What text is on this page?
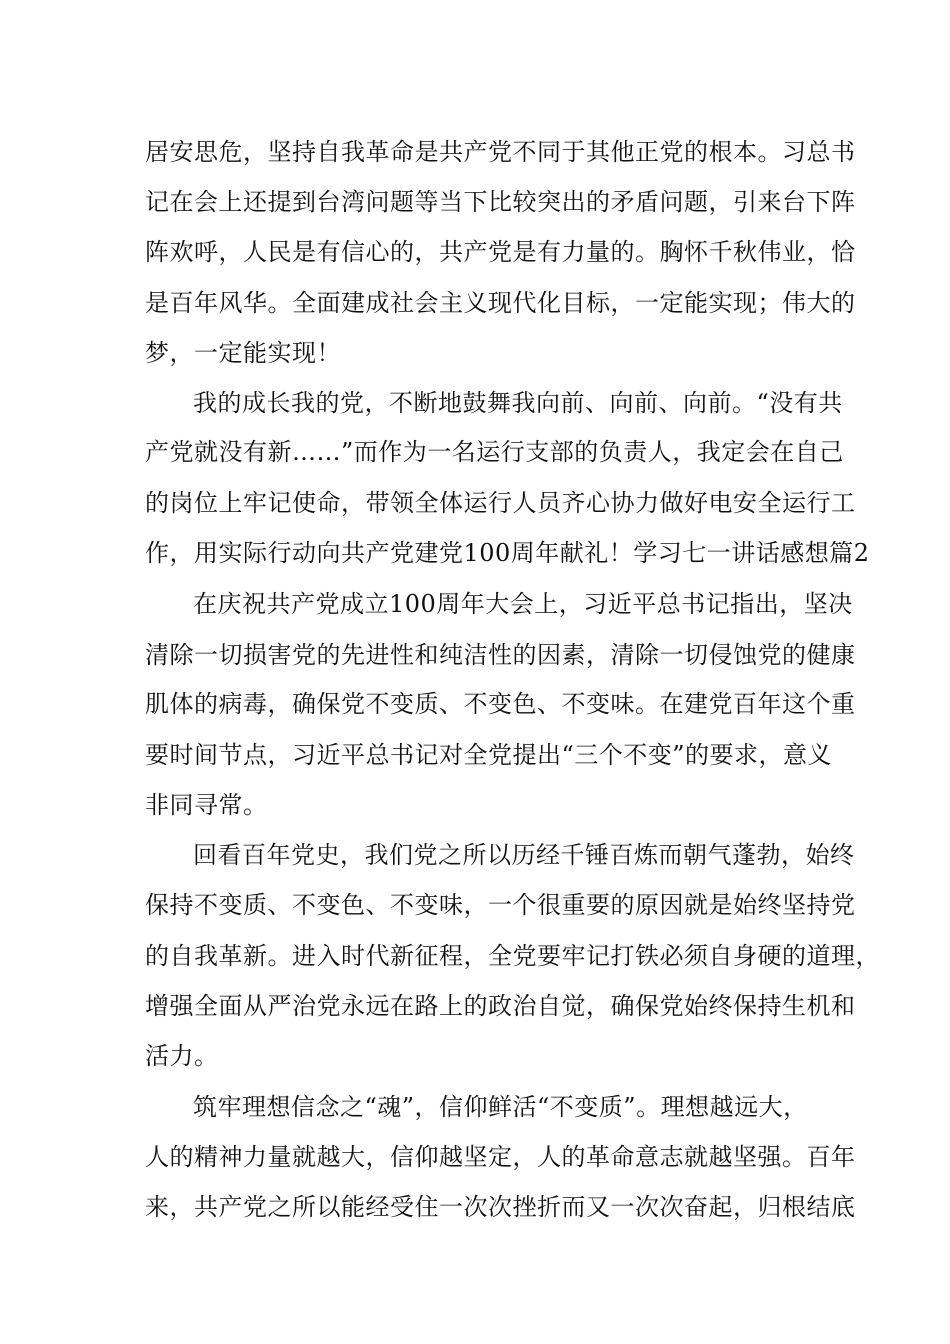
居安思危，坚持自我革命是共产党不同于其他正党的根本。习总书
记在会上还提到台湾问题等当下比较突出的矛盾问题，引来台下阵
阵欢呼，人民是有信心的，共产党是有力量的。胸怀千秋伟业，恰
是百年风华。全面建成社会主义现代化目标，一定能实现；伟大的
梦，一定能实现！
我的成长我的党，不断地鼓舞我向前、向前、向前。“没有共
产党就没有新……”而作为一名运行支部的负责人，我定会在自己
的岗位上牢记使命，带领全体运行人员齐心协力做好电安全运行工
作，用实际行动向共产党建党100周年献礼！学习七一讲话感想篇2
在庆祝共产党成立100周年大会上，习近平总书记指出，坚决
清除一切损害党的先进性和纯洁性的因素，清除一切侵蚀党的健康
肌体的病毒，确保党不变质、不变色、不变味。在建党百年这个重
要时间节点，习近平总书记对全党提出“三个不变”的要求，意义
非同寻常。
回看百年党史，我们党之所以历经千锤百炼而朝气蓬勃，始终
保持不变质、不变色、不变味，一个很重要的原因就是始终坚持党
的自我革新。进入时代新征程，全党要牢记打铁必须自身硬的道理，
增强全面从严治党永远在路上的政治自觉，确保党始终保持生机和
活力。
筑牢理想信念之“魂”，信仰鲜活“不变质”。理想越远大，
人的精神力量就越大，信仰越坚定，人的革命意志就越坚强。百年
来，共产党之所以能经受住一次次挫折而又一次次奋起，归根结底
